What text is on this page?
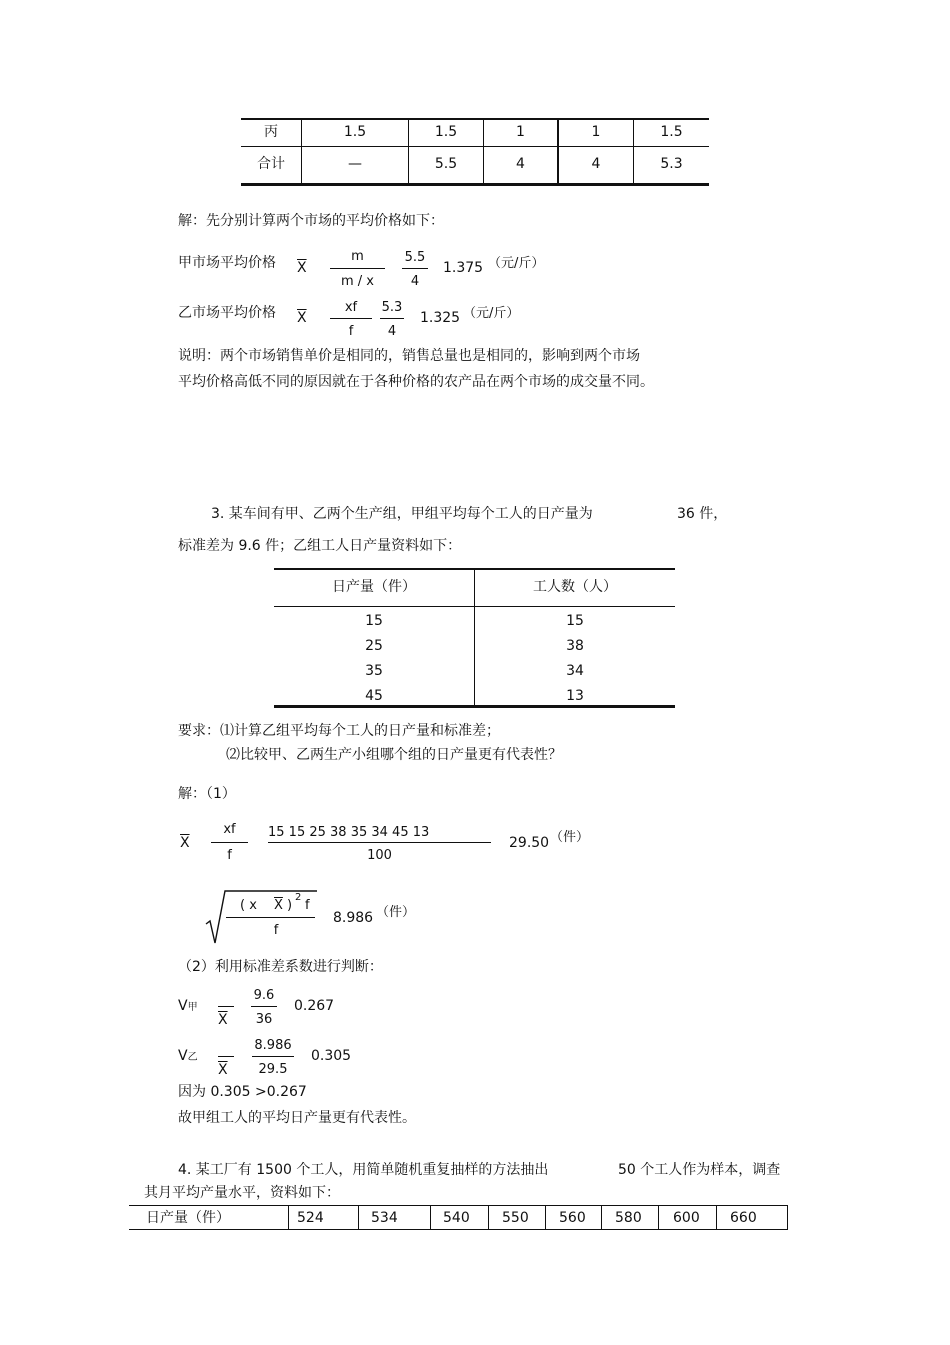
丙	1.5	1.5	1	1	1.5
合计	—	5.5	4	4	5.3
解：先分别计算两个市场的平均价格如下：
甲市场平均价格 $\overline{X}$
m
m / x
5.5
4
1.375 （元/斤）
乙市场平均价格 $\overline{X}$
xf
f
5.3
4
1.325 （元/斤）
说明：两个市场销售单价是相同的，销售总量也是相同的，影响到两个市场
平均价格高低不同的原因就在于各种价格的农产品在两个市场的成交量不同。
3. 某车间有甲、乙两个生产组，甲组平均每个工人的日产量为	36 件，
标准差为 9.6 件；乙组工人日产量资料如下：
日产量（件）	工人数（人）
15	15
25	38
35	34
45	13
要求：⑴计算乙组平均每个工人的日产量和标准差；
⑵比较甲、乙两生产小组哪个组的日产量更有代表性？
解：（1）
$\overline{X}$
xf
f
15 15 25 38 35 34 45 13
100
29.50 （件）
( x $\overline{X}$ )
2
f
f
8.986 （件）
（2）利用标准差系数进行判断：
V甲
$\overline{X}$
9.6
36
0.267
V乙
$\overline{X}$
8.986
29.5
0.305
因为 0.305 >0.267
故甲组工人的平均日产量更有代表性。
4. 某工厂有 1500 个工人，用简单随机重复抽样的方法抽出	50 个工人作为样本，调查
其月平均产量水平，资料如下：
日产量（件）	524	534	540 550 560 580 600 660
